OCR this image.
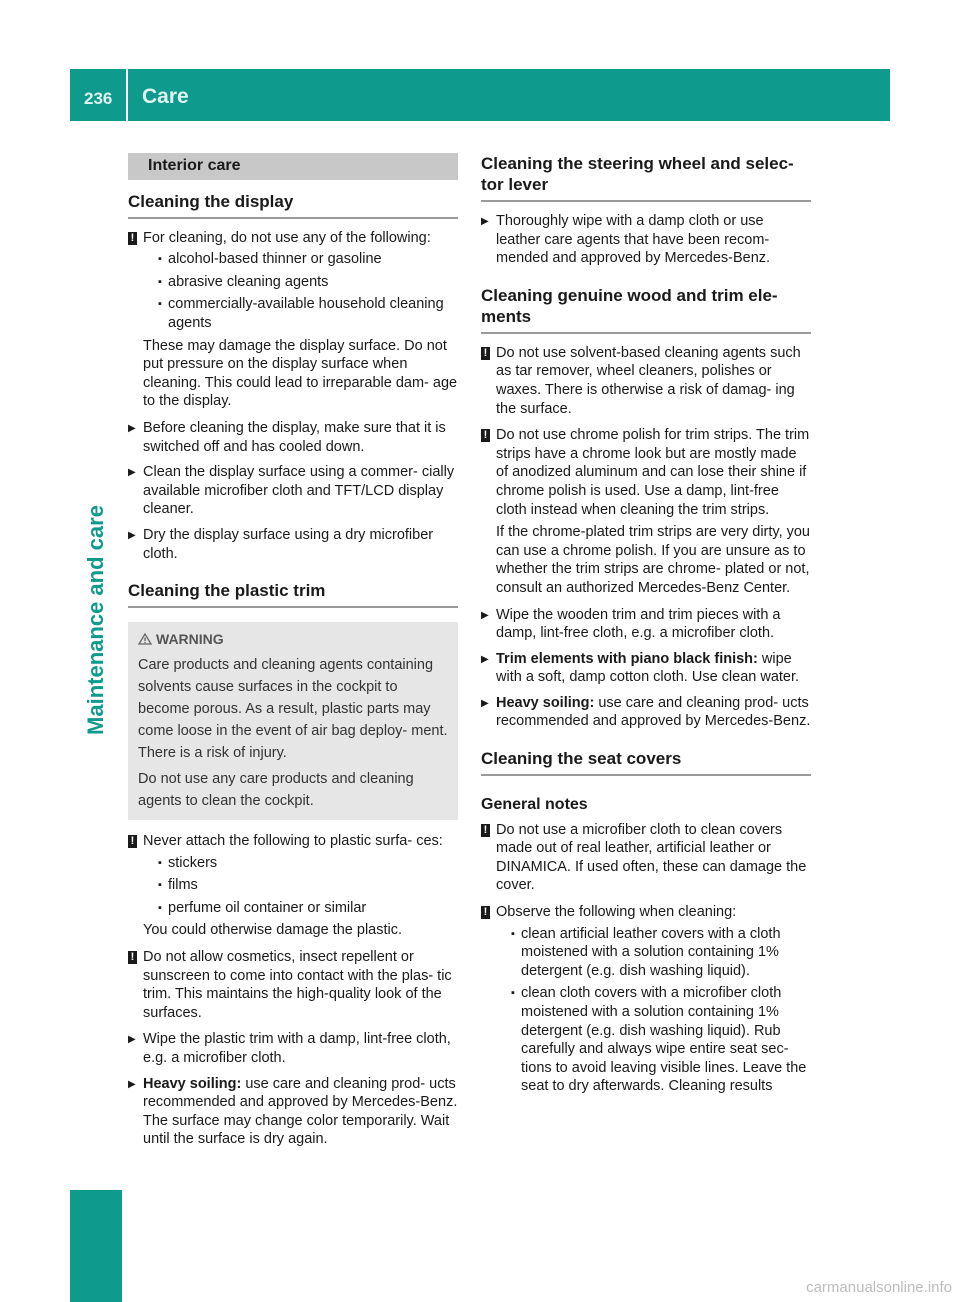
236 Care
Maintenance and care
Interior care
Cleaning the display
! For cleaning, do not use any of the following:

▪ alcohol-based thinner or gasoline
▪ abrasive cleaning agents
▪ commercially-available household cleaning agents

These may damage the display surface. Do not put pressure on the display surface when cleaning. This could lead to irreparable dam- age to the display.

▶ Before cleaning the display, make sure that it is switched off and has cooled down.
▶ Clean the display surface using a commer- cially available microfiber cloth and TFT/LCD display cleaner.
▶ Dry the display surface using a dry microfiber cloth.
Cleaning the plastic trim
WARNING

Care products and cleaning agents containing solvents cause surfaces in the cockpit to become porous. As a result, plastic parts may come loose in the event of air bag deploy- ment. There is a risk of injury.

Do not use any care products and cleaning agents to clean the cockpit.

! Never attach the following to plastic surfa- ces:

▪ stickers
▪ films
▪ perfume oil container or similar

You could otherwise damage the plastic.

! Do not allow cosmetics, insect repellent or sunscreen to come into contact with the plas- tic trim. This maintains the high-quality look of the surfaces.

▶ Wipe the plastic trim with a damp, lint-free cloth, e.g. a microfiber cloth.
▶ Heavy soiling: use care and cleaning prod- ucts recommended and approved by Mercedes-Benz.
The surface may change color temporarily. Wait until the surface is dry again.
Cleaning the steering wheel and selec- tor lever
▶ Thoroughly wipe with a damp cloth or use leather care agents that have been recom- mended and approved by Mercedes-Benz.
Cleaning genuine wood and trim ele- ments
! Do not use solvent-based cleaning agents such as tar remover, wheel cleaners, polishes or waxes. There is otherwise a risk of damag- ing the surface.

! Do not use chrome polish for trim strips. The trim strips have a chrome look but are mostly made of anodized aluminum and can lose their shine if chrome polish is used. Use a damp, lint-free cloth instead when cleaning the trim strips.

If the chrome-plated trim strips are very dirty, you can use a chrome polish. If you are unsure as to whether the trim strips are chrome- plated or not, consult an authorized Mercedes-Benz Center.

▶ Wipe the wooden trim and trim pieces with a damp, lint-free cloth, e.g. a microfiber cloth.
▶ Trim elements with piano black finish: wipe with a soft, damp cotton cloth. Use clean water.
▶ Heavy soiling: use care and cleaning prod- ucts recommended and approved by Mercedes-Benz.
Cleaning the seat covers
General notes
! Do not use a microfiber cloth to clean covers made out of real leather, artificial leather or DINAMICA. If used often, these can damage the cover.

! Observe the following when cleaning:

▪ clean artificial leather covers with a cloth moistened with a solution containing 1% detergent (e.g. dish washing liquid).
▪ clean cloth covers with a microfiber cloth moistened with a solution containing 1% detergent (e.g. dish washing liquid). Rub carefully and always wipe entire seat sec- tions to avoid leaving visible lines. Leave the seat to dry afterwards. Cleaning results
carmanualsonline.info
